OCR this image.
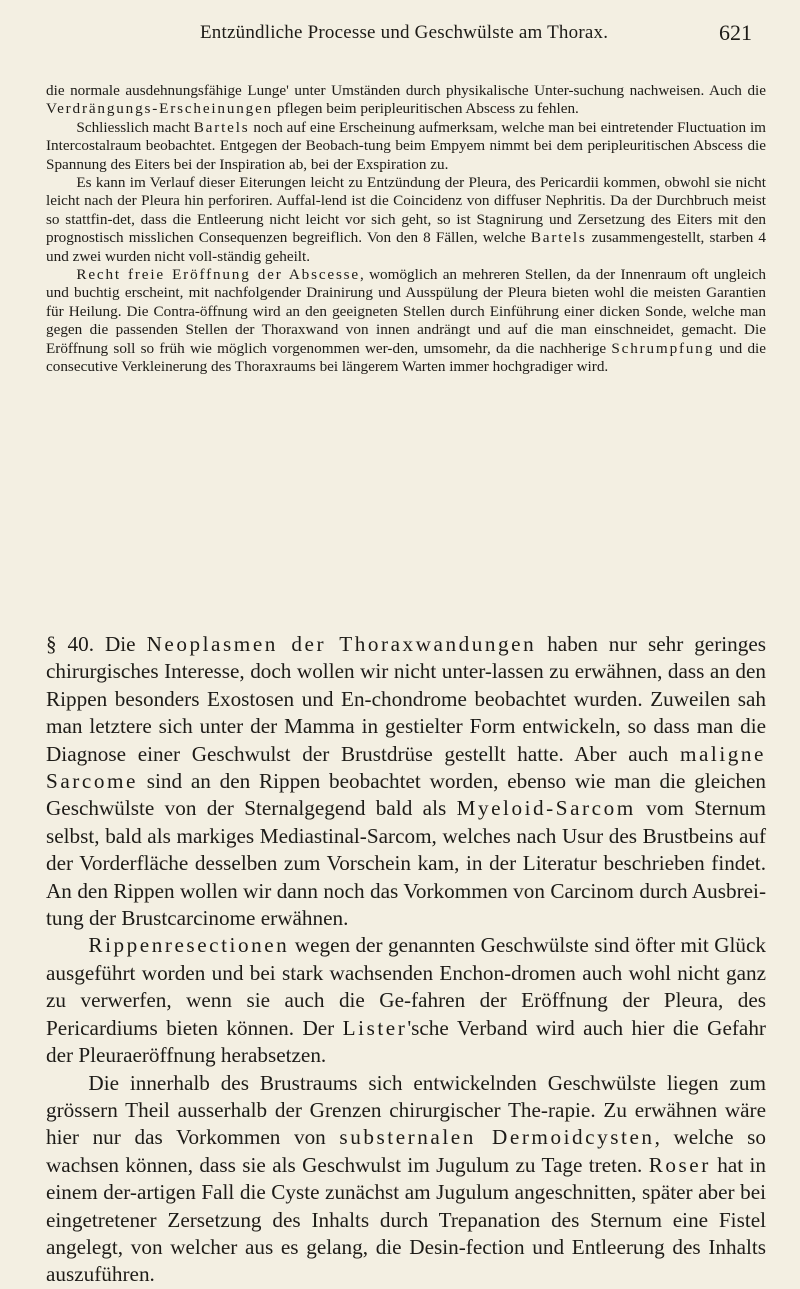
Entzündliche Processe und Geschwülste am Thorax.	621

die normale ausdehnungsfähige Lunge' unter Umständen durch physikalische Unter-suchung nachweisen. Auch die Verdrängungs-Erscheinungen pflegen beim peripleuritischen Abscess zu fehlen.

Schliesslich macht Bartels noch auf eine Erscheinung aufmerksam, welche man bei eintretender Fluctuation im Intercostalraum beobachtet. Entgegen der Beobach-tung beim Empyem nimmt bei dem peripleuritischen Abscess die Spannung des Eiters bei der Inspiration ab, bei der Exspiration zu.

Es kann im Verlauf dieser Eiterungen leicht zu Entzündung der Pleura, des Pericardii kommen, obwohl sie nicht leicht nach der Pleura hin perforiren. Auffal-lend ist die Coincidenz von diffuser Nephritis. Da der Durchbruch meist so stattfin-det, dass die Entleerung nicht leicht vor sich geht, so ist Stagnirung und Zersetzung des Eiters mit den prognostisch misslichen Consequenzen begreiflich. Von den 8 Fällen, welche Bartels zusammengestellt, starben 4 und zwei wurden nicht voll-ständig geheilt.

Recht freie Eröffnung der Abscesse, womöglich an mehreren Stellen, da der Innenraum oft ungleich und buchtig erscheint, mit nachfolgender Drainirung und Ausspülung der Pleura bieten wohl die meisten Garantien für Heilung. Die Contra-öffnung wird an den geeigneten Stellen durch Einführung einer dicken Sonde, welche man gegen die passenden Stellen der Thoraxwand von innen andrängt und auf die man einschneidet, gemacht. Die Eröffnung soll so früh wie möglich vorgenommen wer-den, umsomehr, da die nachherige Schrumpfung und die consecutive Verkleinerung des Thoraxraums bei längerem Warten immer hochgradiger wird.

§ 40. Die Neoplasmen der Thoraxwandungen haben nur sehr geringes chirurgisches Interesse, doch wollen wir nicht unter-lassen zu erwähnen, dass an den Rippen besonders Exostosen und En-chondrome beobachtet wurden. Zuweilen sah man letztere sich unter der Mamma in gestielter Form entwickeln, so dass man die Diagnose einer Geschwulst der Brustdrüse gestellt hatte. Aber auch maligne Sarcome sind an den Rippen beobachtet worden, ebenso wie man die gleichen Geschwülste von der Sternalgegend bald als Myeloid-Sarcom vom Sternum selbst, bald als markiges Mediastinal-Sarcom, welches nach Usur des Brustbeins auf der Vorderfläche desselben zum Vorschein kam, in der Literatur beschrieben findet. An den Rippen wollen wir dann noch das Vorkommen von Carcinom durch Ausbrei-tung der Brustcarcinome erwähnen.

Rippenresectionen wegen der genannten Geschwülste sind öfter mit Glück ausgeführt worden und bei stark wachsenden Enchon-dromen auch wohl nicht ganz zu verwerfen, wenn sie auch die Ge-fahren der Eröffnung der Pleura, des Pericardiums bieten können. Der Lister'sche Verband wird auch hier die Gefahr der Pleuraeröffnung herabsetzen.

Die innerhalb des Brustraums sich entwickelnden Geschwülste liegen zum grössern Theil ausserhalb der Grenzen chirurgischer The-rapie. Zu erwähnen wäre hier nur das Vorkommen von substernalen Dermoidcysten, welche so wachsen können, dass sie als Geschwulst im Jugulum zu Tage treten. Roser hat in einem der-artigen Fall die Cyste zunächst am Jugulum angeschnitten, später aber bei eingetretener Zersetzung des Inhalts durch Trepanation des Sternum eine Fistel angelegt, von welcher aus es gelang, die Desin-fection und Entleerung des Inhalts auszuführen.
